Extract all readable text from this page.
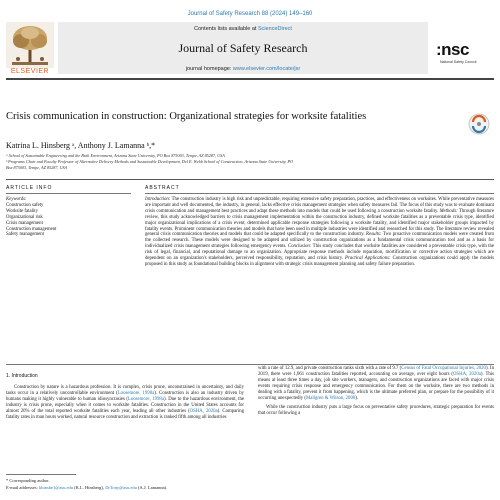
Journal of Safety Research 88 (2024) 149–160
Contents lists available at ScienceDirect
Journal of Safety Research
journal homepage: www.elsevier.com/locate/jsr
ELSEVIER
:nsc
National Safety Council
Crisis communication in construction: Organizational strategies for worksite fatalities
Katrina L. Hinsberg ᵃ, Anthony J. Lamanna ᵇ,*
ᵃ School of Sustainable Engineering and the Built Environment, Arizona State University, PO Box 875003, Tempe, AZ 85287, USA
ᵇ Programs Chair and Faculty Professor of Alternative Delivery Methods and Sustainable Development, Del E. Webb School of Construction, Arizona State University, PO
Box 875003, Tempe, AZ 85287, USA
ARTICLE INFO	ABSTRACT
Keywords:
Construction safety
Worksite fatality
Organizational risk
Crisis management
Construction management
Safety management
Introduction: The construction industry is high risk and unpredictable, requiring extensive safety preparation, practices, and effectiveness on worksites. While preventative measures are important and well documented, the industry, in general, lacks effective crisis management strategies when safety measures fail. The focus of this study was to evaluate dominant crisis communication and management best practices and adapt these methods into models that could be used following a construction worksite fatality. Methods: Through literature review, this study acknowledged barriers to crisis management implementation within the construction industry, defined worksite fatalities as a preventable crisis type, identified major organizational implications of a crisis event, determined applicable response strategies following a worksite fatality, and identified major stakeholder groups impacted by fatality events. Prominent communication theories and models that have been used in multiple industries were identified and researched for this study. The literature review revealed general crisis communication theories and models that could be adapted specifically to the construction industry. Results: Two proactive communication models were created from the collected research. These models were designed to be adapted and utilized by construction organizations as a fundamental crisis communication tool and as a basis for individualized crisis management strategies following emergency events. Conclusion: This study concludes that worksite fatalities are considered a preventable crisis type, with the risk of legal, financial, and reputational damage to an organization. Appropriate response methods include reparation, mortification or corrective action strategies which are dependent on an organization's stakeholders, perceived responsibility, reputation, and crisis history. Practical Applications: Construction organizations could apply the models proposed in this study as foundational building blocks in alignment with strategic crisis management planning and safety failure preparation.
1. Introduction

Construction by nature is a hazardous profession. It is complex, crisis prone, unconstrained in uncertainty, and daily tasks occur in a relatively uncontrollable environment (Loosemore, 1998a). Construction is also an industry driven by humans making it highly vulnerable to human idiosyncrasies (Loosemore, 1998a). Due to the hazardous environment, the industry is crisis prone, especially when it comes to worksite fatalities. Construction in the United States accounts for almost 20% of the total reported worksite fatalities each year, leading all other industries (OSHA, 2020a). Comparing fatality rates in man hours worked, natural resource construction and extraction is ranked fifth among all industries

with a rate of 12.9, and private construction ranks sixth with a rate of 9.7 (Census of Fatal Occupational Injuries, 2020). In 2019, there were 1,061 construction fatalities reported, accounting on average, over eight hours (OSHA, 2020a). This means at least three times a day, job site workers, managers, and construction organizations are faced with major crisis events requiring crisis response and emergency communication. For them on the worksite, there are two methods in dealing with a fatality, prevent it from happening, which is the ultimate preferred plan, or prepare for the possibility of it occurring unexpectedly (Mallgren & Wilson, 2000).

While the construction industry puts a large focus on preventative safety procedures, strategic preparation for events that occur following a

* Corresponding author.
E-mail addresses: khinsbe1@asu.edu (K.L. Hinsberg), DrTony@asu.edu (A.J. Lamanna).
